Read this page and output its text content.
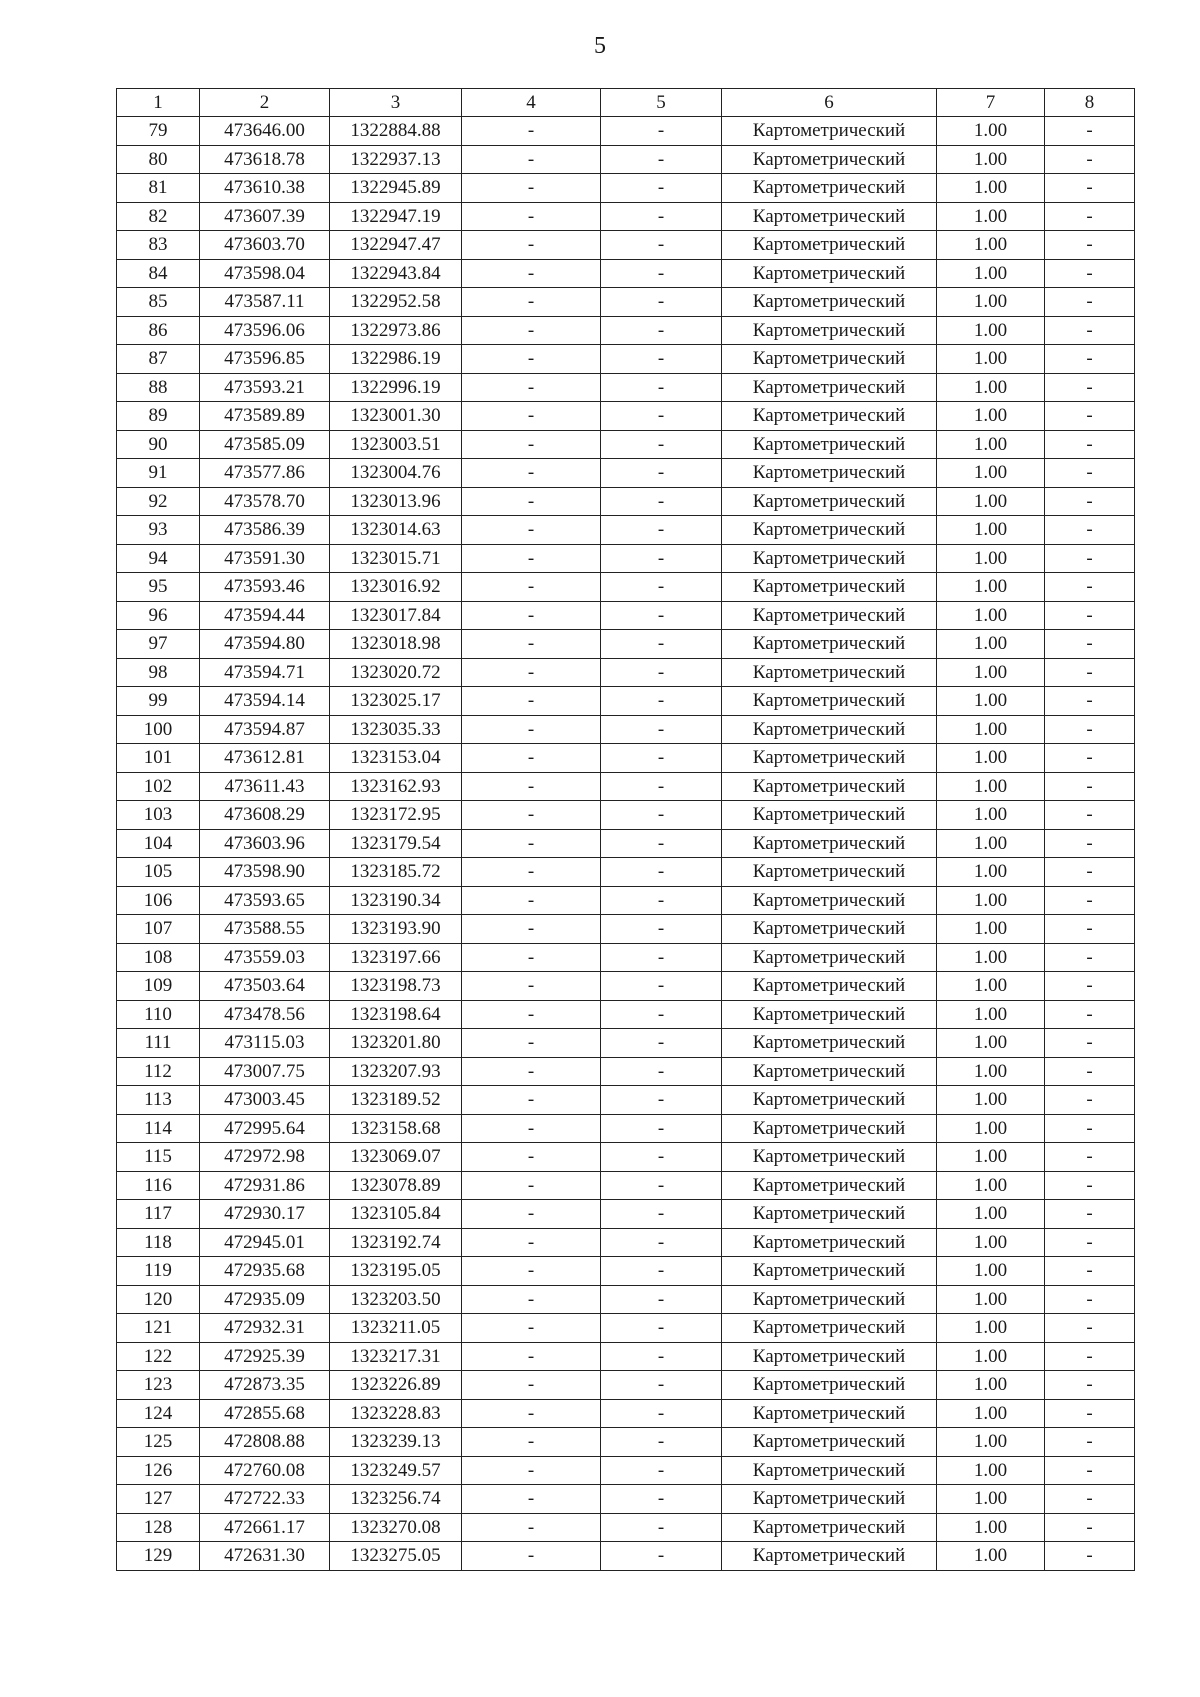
5
1	2	3	4	5	6	7	8
79	473646.00	1322884.88	-	-	Картометрический	1.00	-
80	473618.78	1322937.13	-	-	Картометрический	1.00	-
81	473610.38	1322945.89	-	-	Картометрический	1.00	-
82	473607.39	1322947.19	-	-	Картометрический	1.00	-
83	473603.70	1322947.47	-	-	Картометрический	1.00	-
84	473598.04	1322943.84	-	-	Картометрический	1.00	-
85	473587.11	1322952.58	-	-	Картометрический	1.00	-
86	473596.06	1322973.86	-	-	Картометрический	1.00	-
87	473596.85	1322986.19	-	-	Картометрический	1.00	-
88	473593.21	1322996.19	-	-	Картометрический	1.00	-
89	473589.89	1323001.30	-	-	Картометрический	1.00	-
90	473585.09	1323003.51	-	-	Картометрический	1.00	-
91	473577.86	1323004.76	-	-	Картометрический	1.00	-
92	473578.70	1323013.96	-	-	Картометрический	1.00	-
93	473586.39	1323014.63	-	-	Картометрический	1.00	-
94	473591.30	1323015.71	-	-	Картометрический	1.00	-
95	473593.46	1323016.92	-	-	Картометрический	1.00	-
96	473594.44	1323017.84	-	-	Картометрический	1.00	-
97	473594.80	1323018.98	-	-	Картометрический	1.00	-
98	473594.71	1323020.72	-	-	Картометрический	1.00	-
99	473594.14	1323025.17	-	-	Картометрический	1.00	-
100	473594.87	1323035.33	-	-	Картометрический	1.00	-
101	473612.81	1323153.04	-	-	Картометрический	1.00	-
102	473611.43	1323162.93	-	-	Картометрический	1.00	-
103	473608.29	1323172.95	-	-	Картометрический	1.00	-
104	473603.96	1323179.54	-	-	Картометрический	1.00	-
105	473598.90	1323185.72	-	-	Картометрический	1.00	-
106	473593.65	1323190.34	-	-	Картометрический	1.00	-
107	473588.55	1323193.90	-	-	Картометрический	1.00	-
108	473559.03	1323197.66	-	-	Картометрический	1.00	-
109	473503.64	1323198.73	-	-	Картометрический	1.00	-
110	473478.56	1323198.64	-	-	Картометрический	1.00	-
111	473115.03	1323201.80	-	-	Картометрический	1.00	-
112	473007.75	1323207.93	-	-	Картометрический	1.00	-
113	473003.45	1323189.52	-	-	Картометрический	1.00	-
114	472995.64	1323158.68	-	-	Картометрический	1.00	-
115	472972.98	1323069.07	-	-	Картометрический	1.00	-
116	472931.86	1323078.89	-	-	Картометрический	1.00	-
117	472930.17	1323105.84	-	-	Картометрический	1.00	-
118	472945.01	1323192.74	-	-	Картометрический	1.00	-
119	472935.68	1323195.05	-	-	Картометрический	1.00	-
120	472935.09	1323203.50	-	-	Картометрический	1.00	-
121	472932.31	1323211.05	-	-	Картометрический	1.00	-
122	472925.39	1323217.31	-	-	Картометрический	1.00	-
123	472873.35	1323226.89	-	-	Картометрический	1.00	-
124	472855.68	1323228.83	-	-	Картометрический	1.00	-
125	472808.88	1323239.13	-	-	Картометрический	1.00	-
126	472760.08	1323249.57	-	-	Картометрический	1.00	-
127	472722.33	1323256.74	-	-	Картометрический	1.00	-
128	472661.17	1323270.08	-	-	Картометрический	1.00	-
129	472631.30	1323275.05	-	-	Картометрический	1.00	-
